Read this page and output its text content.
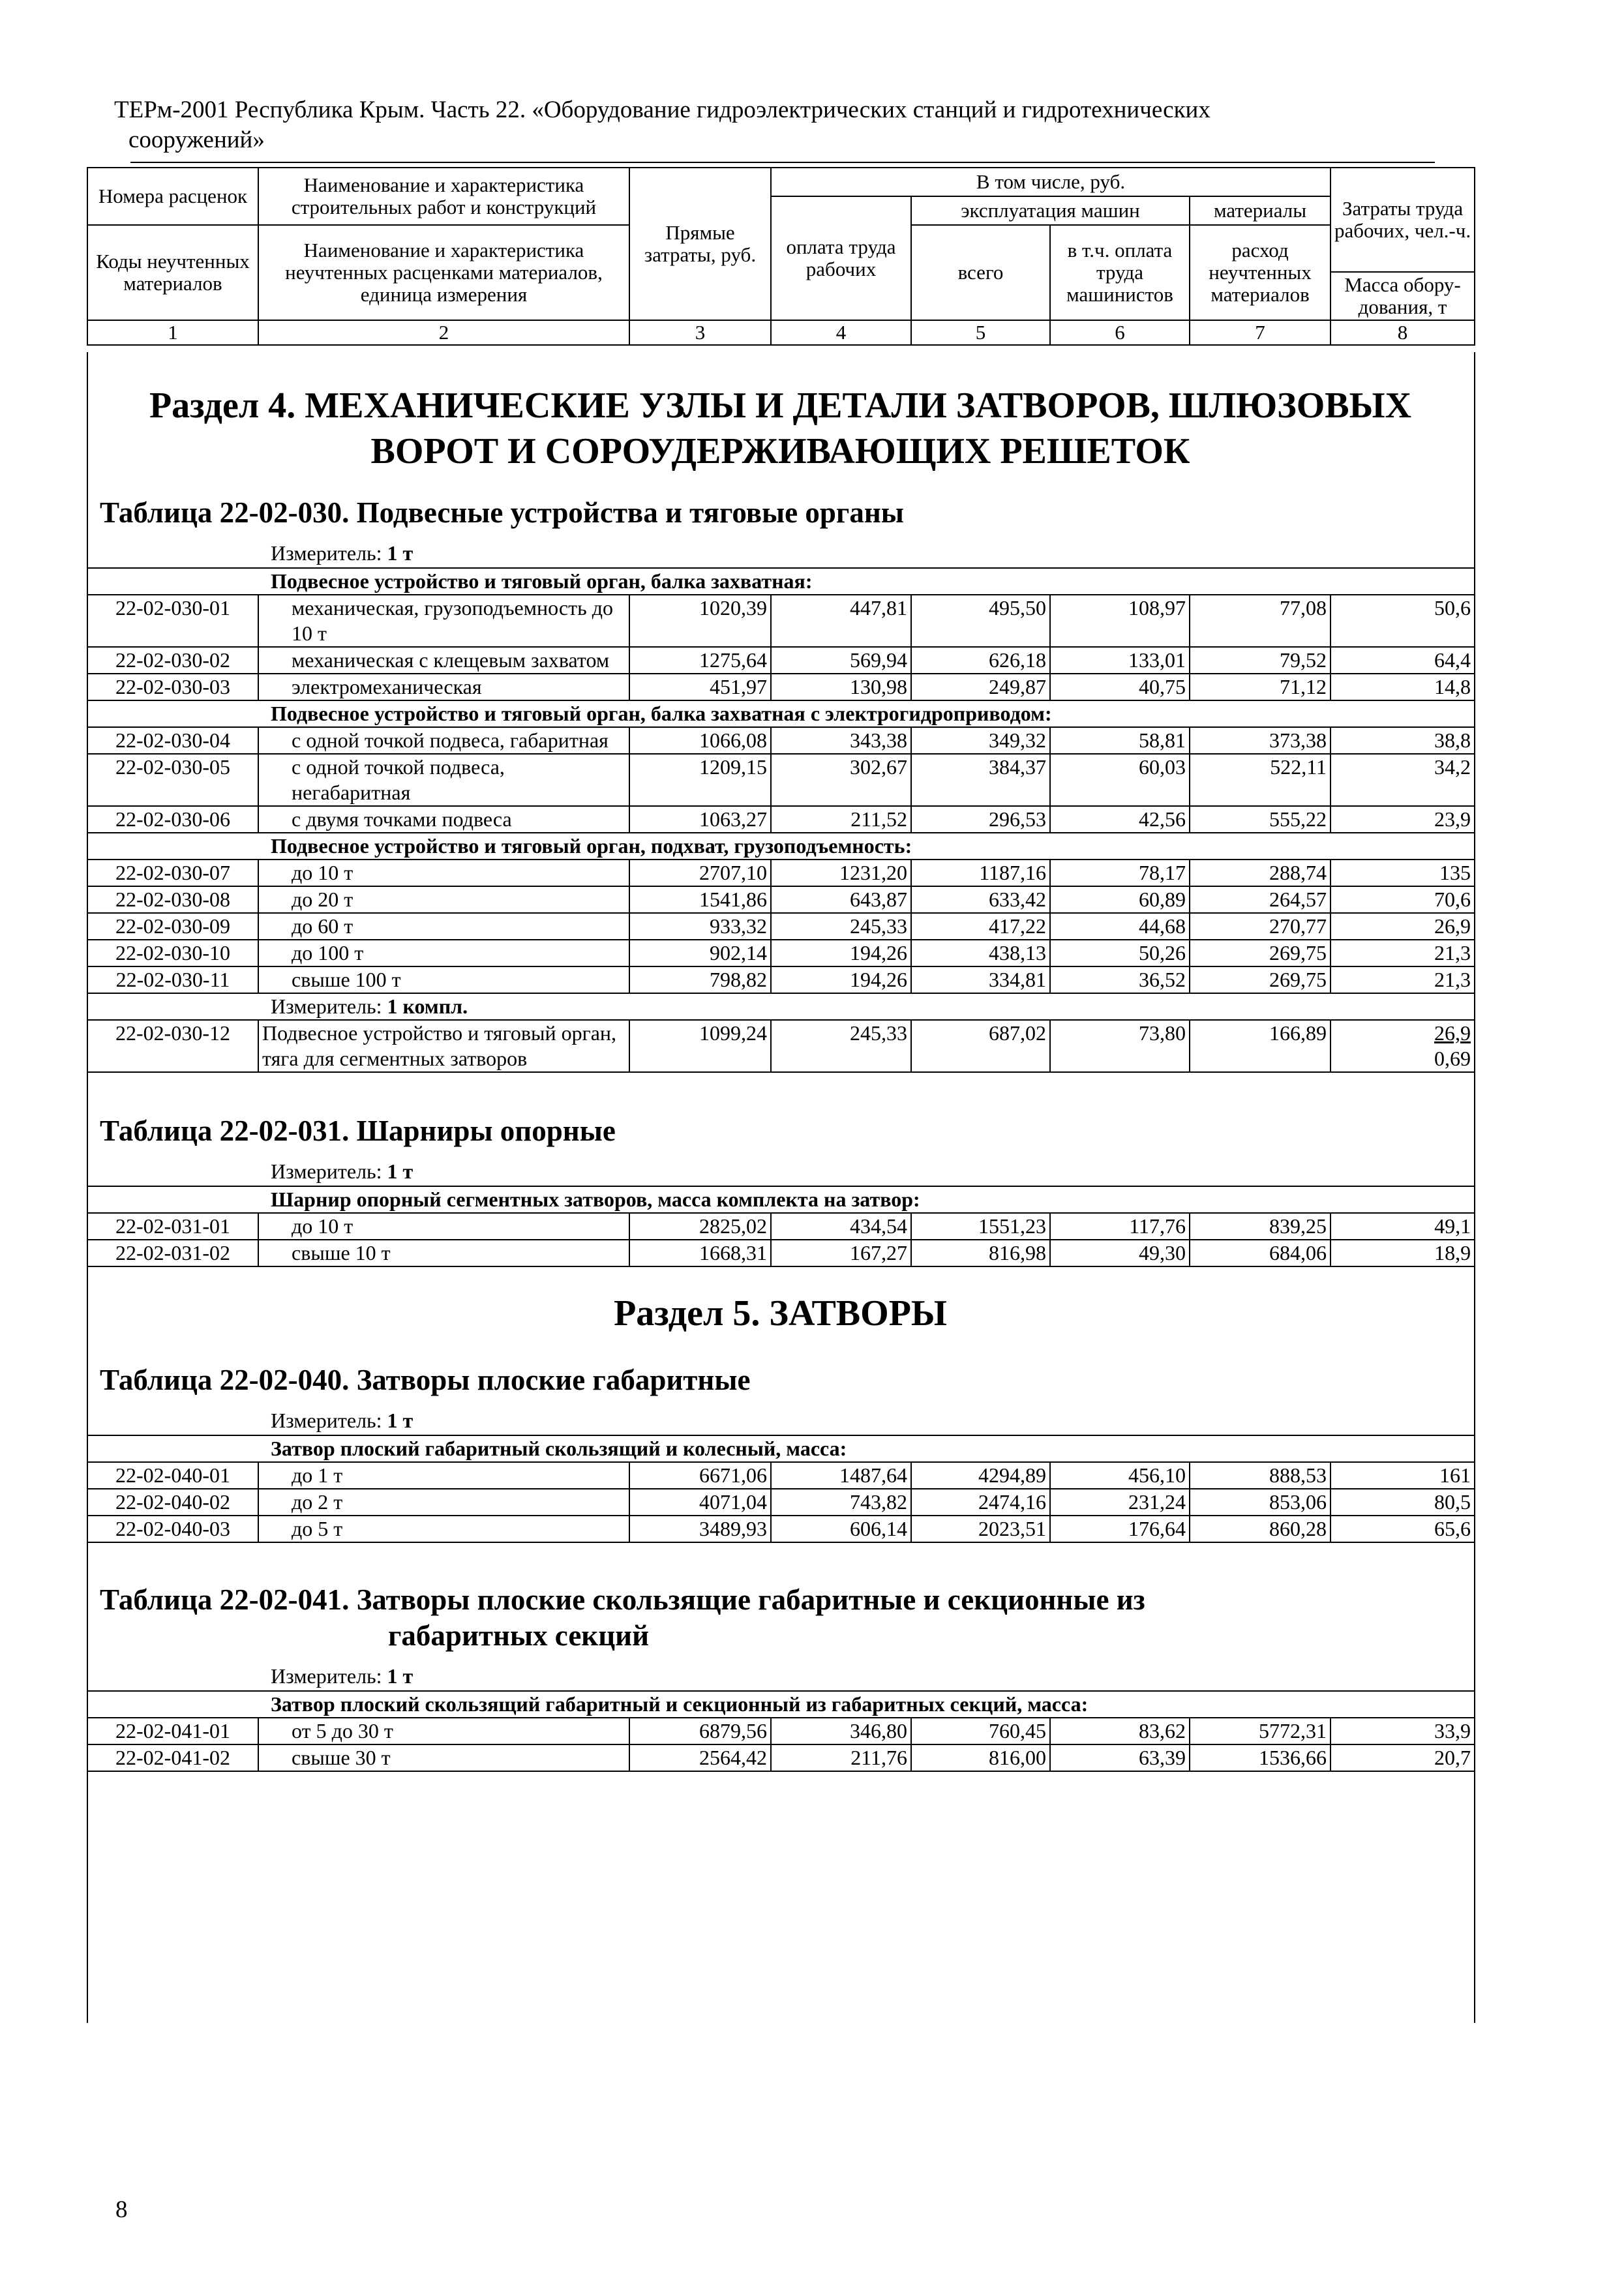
ТЕРм-2001 Республика Крым. Часть 22. «Оборудование гидроэлектрических станций и гидротехнических
сооружений»
Номера расценок	Наименование и характеристика строительных работ и конструкций	Прямые затраты, руб.	В том числе, руб.				Затраты труда рабочих, чел.-ч.
			оплата труда рабочих	эксплуатация машин		материалы	
Коды неучтенных материалов	Наименование и характеристика неучтенных расценками материалов, единица измерения			всего	в т.ч. оплата труда машинистов	расход неучтенных материалов	
							Масса обору-дования, т
1	2	3	4	5	6	7	8
Раздел 4. МЕХАНИЧЕСКИЕ УЗЛЫ И ДЕТАЛИ ЗАТВОРОВ, ШЛЮЗОВЫХ ВОРОТ И СОРОУДЕРЖИВАЮЩИХ РЕШЕТОК
Таблица 22-02-030. Подвесные устройства и тяговые органы
Измеритель: 1 т
Подвесное устройство и тяговый орган, балка захватная:							
22-02-030-01	механическая, грузоподъемность до 10 т	1020,39	447,81	495,50	108,97	77,08	50,6
22-02-030-02	механическая с клещевым захватом	1275,64	569,94	626,18	133,01	79,52	64,4
22-02-030-03	электромеханическая	451,97	130,98	249,87	40,75	71,12	14,8
Подвесное устройство и тяговый орган, балка захватная с электрогидроприводом:							
22-02-030-04	с одной точкой подвеса, габаритная	1066,08	343,38	349,32	58,81	373,38	38,8
22-02-030-05	с одной точкой подвеса, негабаритная	1209,15	302,67	384,37	60,03	522,11	34,2
22-02-030-06	с двумя точками подвеса	1063,27	211,52	296,53	42,56	555,22	23,9
Подвесное устройство и тяговый орган, подхват, грузоподъемность:							
22-02-030-07	до 10 т	2707,10	1231,20	1187,16	78,17	288,74	135
22-02-030-08	до 20 т	1541,86	643,87	633,42	60,89	264,57	70,6
22-02-030-09	до 60 т	933,32	245,33	417,22	44,68	270,77	26,9
22-02-030-10	до 100 т	902,14	194,26	438,13	50,26	269,75	21,3
22-02-030-11	свыше 100 т	798,82	194,26	334,81	36,52	269,75	21,3
Измеритель: 1 компл.							
22-02-030-12	Подвесное устройство и тяговый орган, тяга для сегментных затворов	1099,24	245,33	687,02	73,80	166,89	26,9
0,69
Таблица 22-02-031. Шарниры опорные
Измеритель: 1 т
Шарнир опорный сегментных затворов, масса комплекта на затвор:							
22-02-031-01	до 10 т	2825,02	434,54	1551,23	117,76	839,25	49,1
22-02-031-02	свыше 10 т	1668,31	167,27	816,98	49,30	684,06	18,9
Раздел 5. ЗАТВОРЫ
Таблица 22-02-040. Затворы плоские габаритные
Измеритель: 1 т
Затвор плоский габаритный скользящий и колесный, масса:							
22-02-040-01	до 1 т	6671,06	1487,64	4294,89	456,10	888,53	161
22-02-040-02	до 2 т	4071,04	743,82	2474,16	231,24	853,06	80,5
22-02-040-03	до 5 т	3489,93	606,14	2023,51	176,64	860,28	65,6
Таблица 22-02-041. Затворы плоские скользящие габаритные и секционные из
габаритных секций
Измеритель: 1 т
Затвор плоский скользящий габаритный и секционный из габаритных секций, масса:							
22-02-041-01	от 5 до 30 т	6879,56	346,80	760,45	83,62	5772,31	33,9
22-02-041-02	свыше 30 т	2564,42	211,76	816,00	63,39	1536,66	20,7
8
